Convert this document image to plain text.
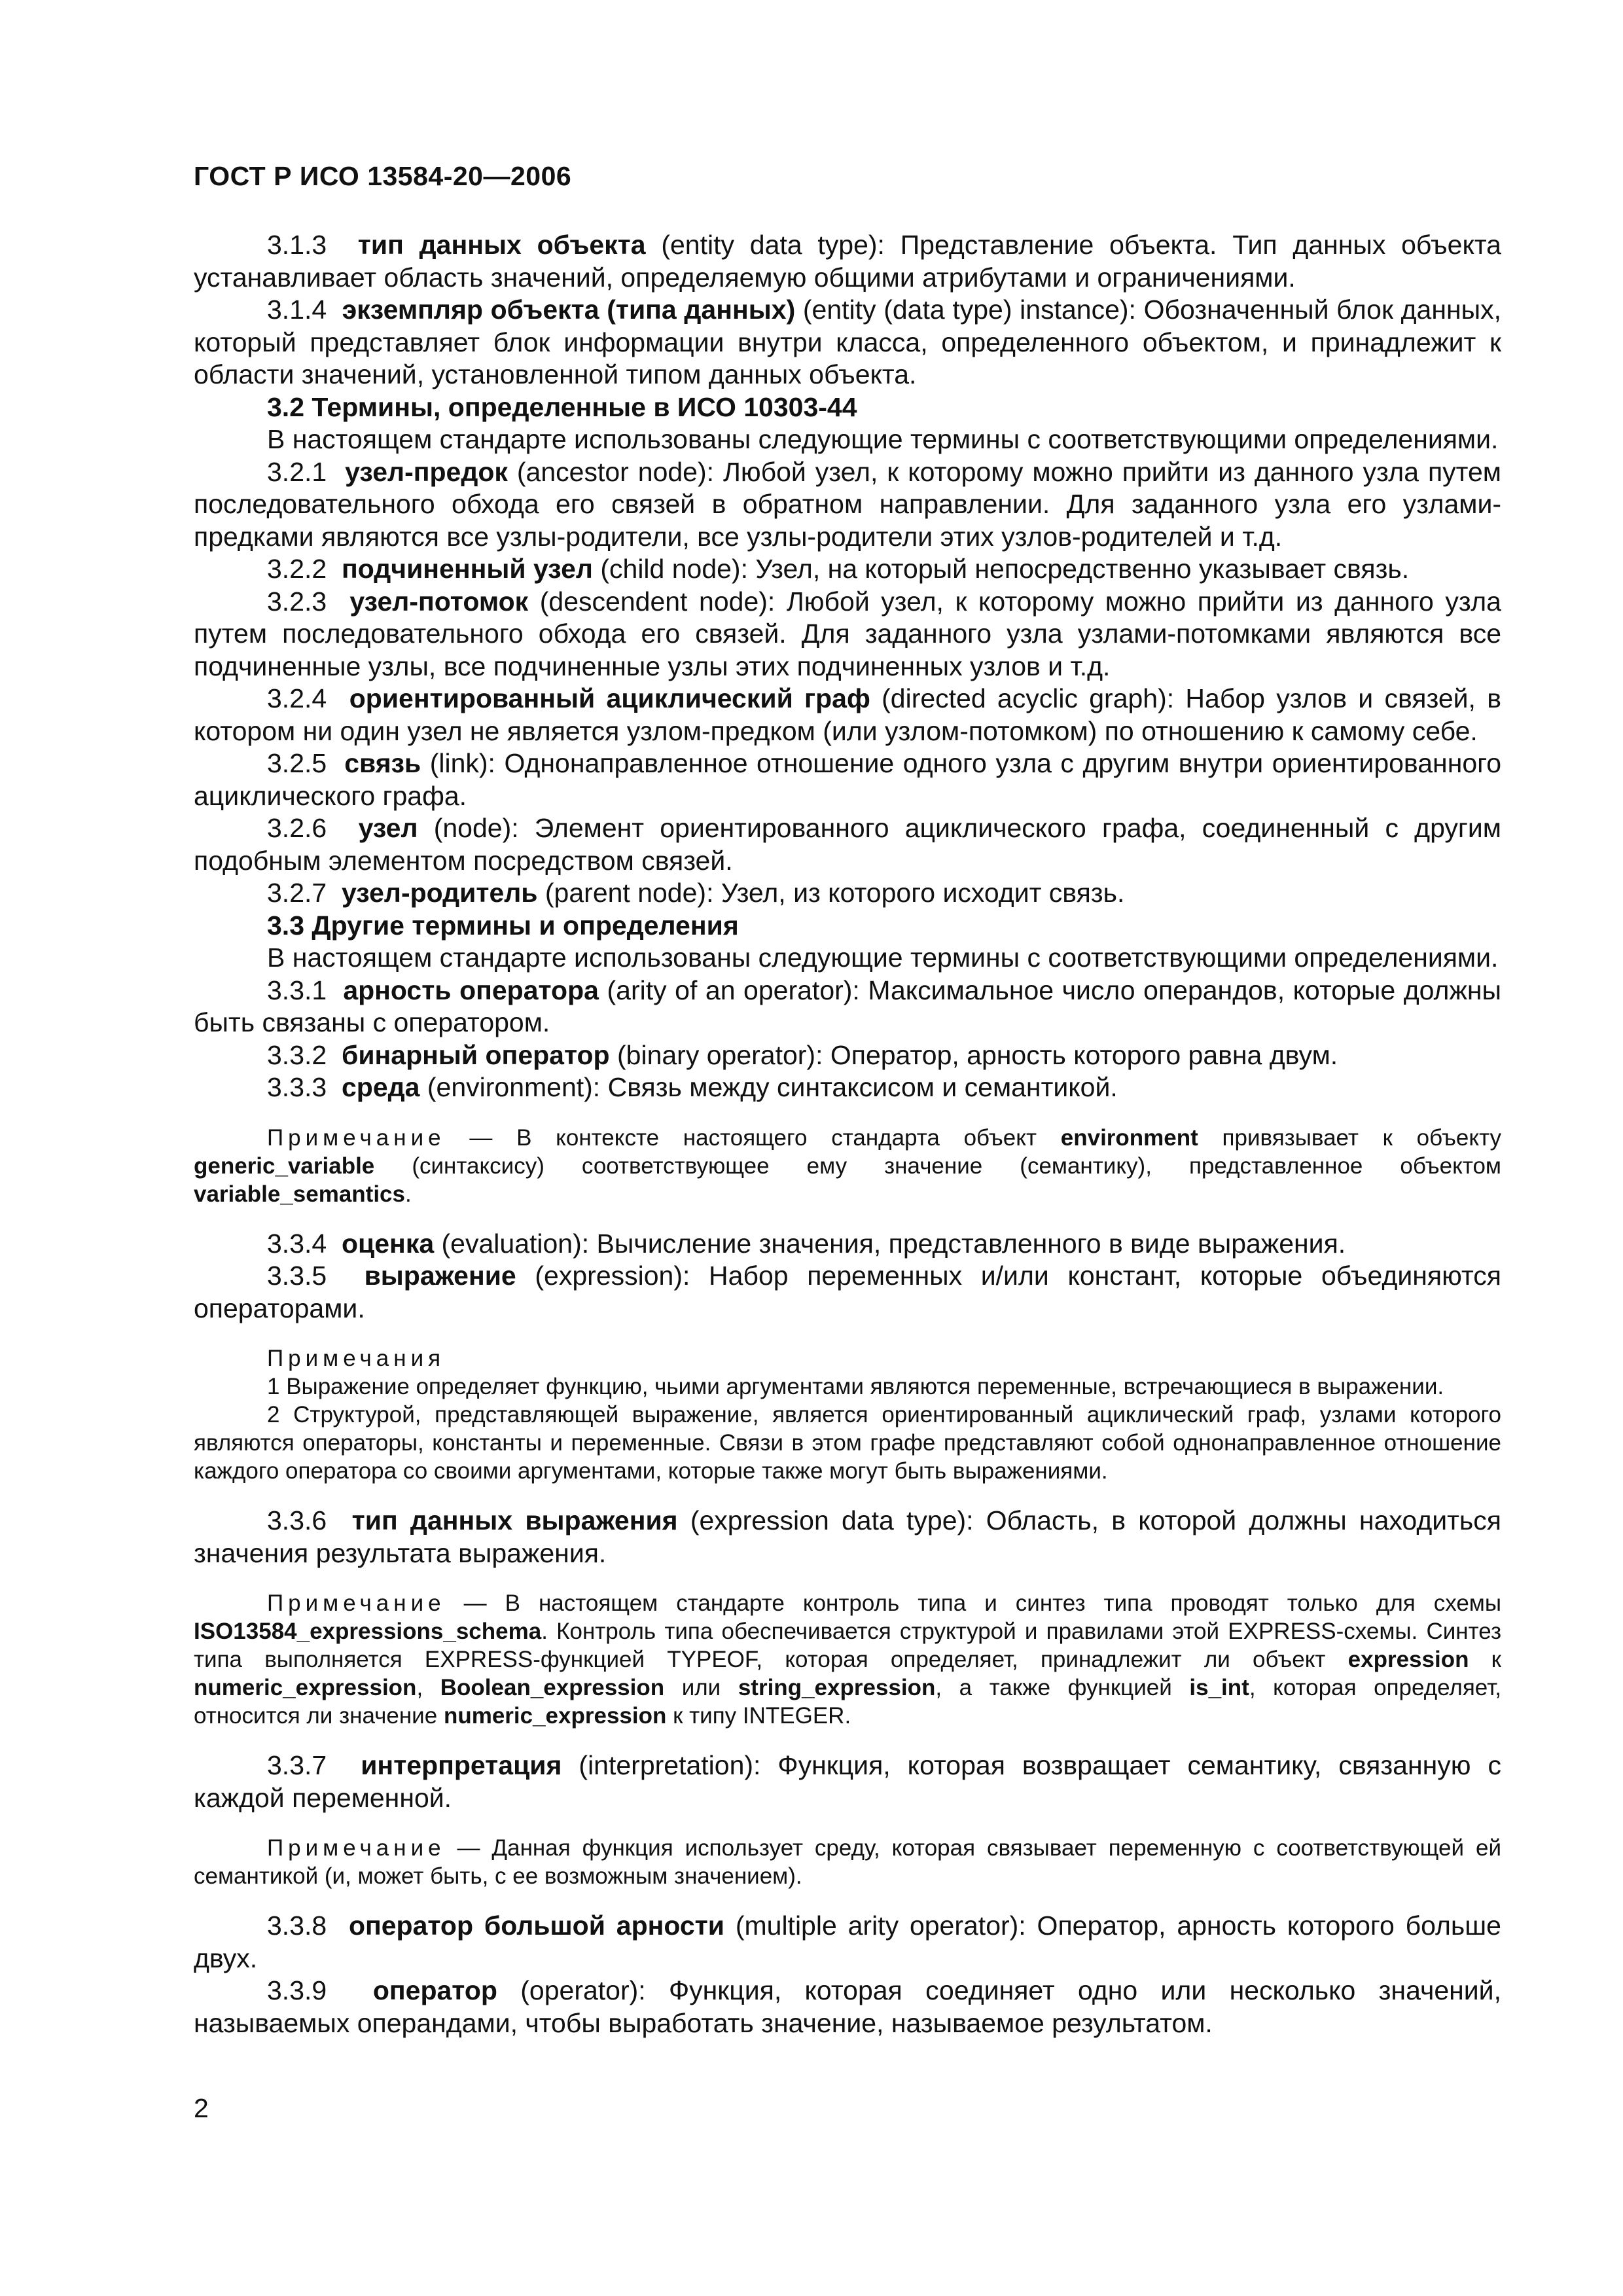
ГОСТ Р ИСО 13584-20—2006

3.1.3 тип данных объекта (entity data type): Представление объекта. Тип данных объекта устанавливает область значений, определяемую общими атрибутами и ограничениями.

3.1.4 экземпляр объекта (типа данных) (entity (data type) instance): Обозначенный блок данных, который представляет блок информации внутри класса, определенного объектом, и принадлежит к области значений, установленной типом данных объекта.

3.2 Термины, определенные в ИСО 10303-44

В настоящем стандарте использованы следующие термины с соответствующими определениями.

3.2.1 узел-предок (ancestor node): Любой узел, к которому можно прийти из данного узла путем последовательного обхода его связей в обратном направлении. Для заданного узла его узлами-предками являются все узлы-родители, все узлы-родители этих узлов-родителей и т.д.

3.2.2 подчиненный узел (child node): Узел, на который непосредственно указывает связь.

3.2.3 узел-потомок (descendent node): Любой узел, к которому можно прийти из данного узла путем последовательного обхода его связей. Для заданного узла узлами-потомками являются все подчиненные узлы, все подчиненные узлы этих подчиненных узлов и т.д.

3.2.4 ориентированный ациклический граф (directed acyclic graph): Набор узлов и связей, в котором ни один узел не является узлом-предком (или узлом-потомком) по отношению к самому себе.

3.2.5 связь (link): Однонаправленное отношение одного узла с другим внутри ориентированного ациклического графа.

3.2.6 узел (node): Элемент ориентированного ациклического графа, соединенный с другим подобным элементом посредством связей.

3.2.7 узел-родитель (parent node): Узел, из которого исходит связь.

3.3 Другие термины и определения

В настоящем стандарте использованы следующие термины с соответствующими определениями.

3.3.1 арность оператора (arity of an operator): Максимальное число операндов, которые должны быть связаны с оператором.

3.3.2 бинарный оператор (binary operator): Оператор, арность которого равна двум.

3.3.3 среда (environment): Связь между синтаксисом и семантикой.

Примечание — В контексте настоящего стандарта объект environment привязывает к объекту generic_variable (синтаксису) соответствующее ему значение (семантику), представленное объектом variable_semantics.

3.3.4 оценка (evaluation): Вычисление значения, представленного в виде выражения.

3.3.5 выражение (expression): Набор переменных и/или констант, которые объединяются операторами.

Примечания

1 Выражение определяет функцию, чьими аргументами являются переменные, встречающиеся в выражении.

2 Структурой, представляющей выражение, является ориентированный ациклический граф, узлами которого являются операторы, константы и переменные. Связи в этом графе представляют собой однонаправленное отношение каждого оператора со своими аргументами, которые также могут быть выражениями.

3.3.6 тип данных выражения (expression data type): Область, в которой должны находиться значения результата выражения.

Примечание — В настоящем стандарте контроль типа и синтез типа проводят только для схемы ISO13584_expressions_schema. Контроль типа обеспечивается структурой и правилами этой EXPRESS-схемы. Синтез типа выполняется EXPRESS-функцией TYPEOF, которая определяет, принадлежит ли объект expression к numeric_expression, Boolean_expression или string_expression, а также функцией is_int, которая определяет, относится ли значение numeric_expression к типу INTEGER.

3.3.7 интерпретация (interpretation): Функция, которая возвращает семантику, связанную с каждой переменной.

Примечание — Данная функция использует среду, которая связывает переменную с соответствующей ей семантикой (и, может быть, с ее возможным значением).

3.3.8 оператор большой арности (multiple arity operator): Оператор, арность которого больше двух.

3.3.9 оператор (operator): Функция, которая соединяет одно или несколько значений, называемых операндами, чтобы выработать значение, называемое результатом.

2
